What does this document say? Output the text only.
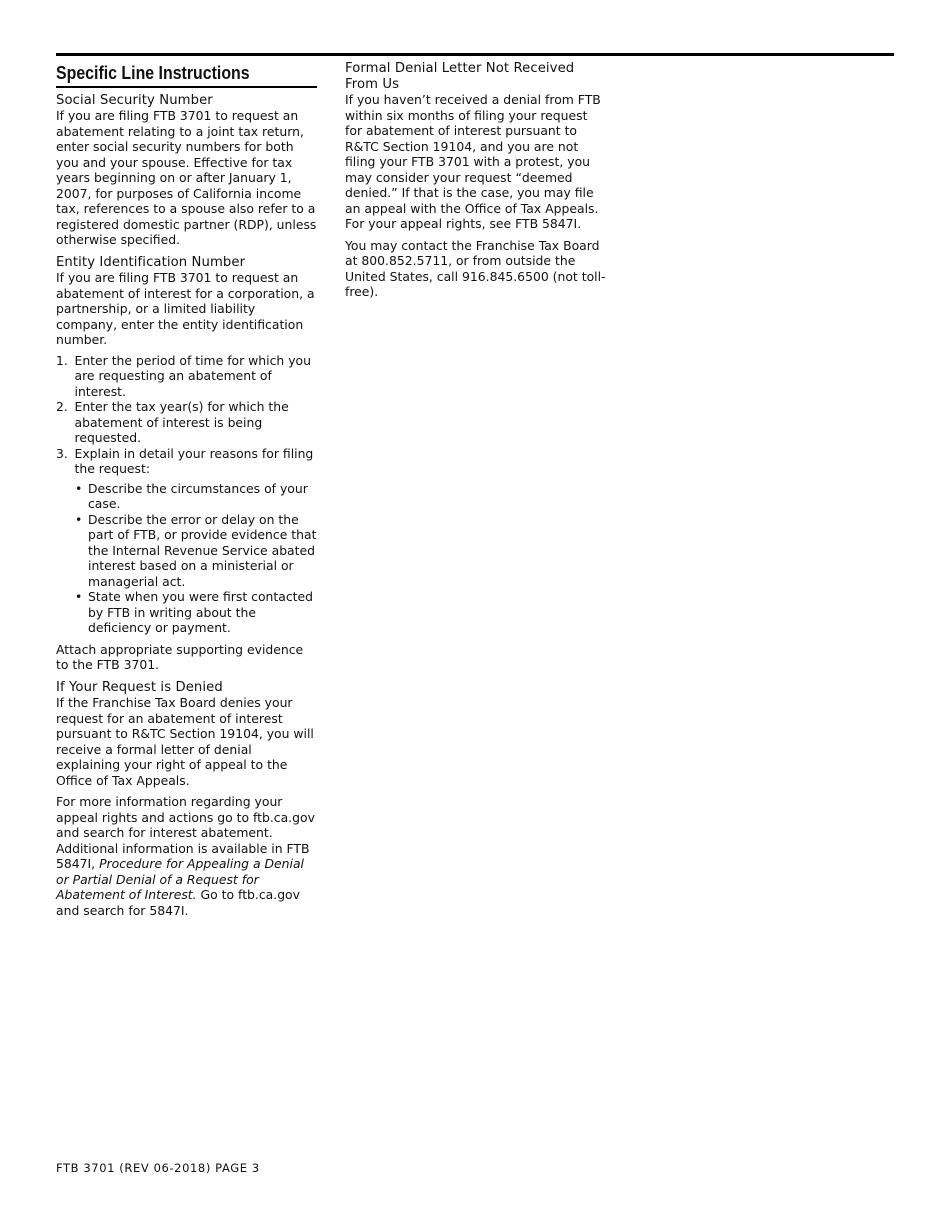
Specific Line Instructions
Social Security Number

If you are filing FTB 3701 to request an abatement relating to a joint tax return, enter social security numbers for both you and your spouse. Effective for tax years beginning on or after January 1, 2007, for purposes of California income tax, references to a spouse also refer to a registered domestic partner (RDP), unless otherwise specified.

Entity Identification Number

If you are filing FTB 3701 to request an abatement of interest for a corporation, a partnership, or a limited liability company, enter the entity identification number.

1. Enter the period of time for which you are requesting an abatement of interest.
2. Enter the tax year(s) for which the abatement of interest is being requested.
3. Explain in detail your reasons for filing the request:
• Describe the circumstances of your case.
• Describe the error or delay on the part of FTB, or provide evidence that the Internal Revenue Service abated interest based on a ministerial or managerial act.
• State when you were first contacted by FTB in writing about the deficiency or payment.

Attach appropriate supporting evidence to the FTB 3701.

If Your Request is Denied

If the Franchise Tax Board denies your request for an abatement of interest pursuant to R&TC Section 19104, you will receive a formal letter of denial explaining your right of appeal to the Office of Tax Appeals.

For more information regarding your appeal rights and actions go to ftb.ca.gov and search for interest abatement. Additional information is available in FTB 5847I, Procedure for Appealing a Denial or Partial Denial of a Request for Abatement of Interest. Go to ftb.ca.gov and search for 5847I.

Formal Denial Letter Not Received From Us

If you haven’t received a denial from FTB within six months of filing your request for abatement of interest pursuant to R&TC Section 19104, and you are not filing your FTB 3701 with a protest, you may consider your request “deemed denied.” If that is the case, you may file an appeal with the Office of Tax Appeals. For your appeal rights, see FTB 5847I.

You may contact the Franchise Tax Board at 800.852.5711, or from outside the United States, call 916.845.6500 (not toll-free).

FTB 3701 (REV 06-2018) PAGE 3
